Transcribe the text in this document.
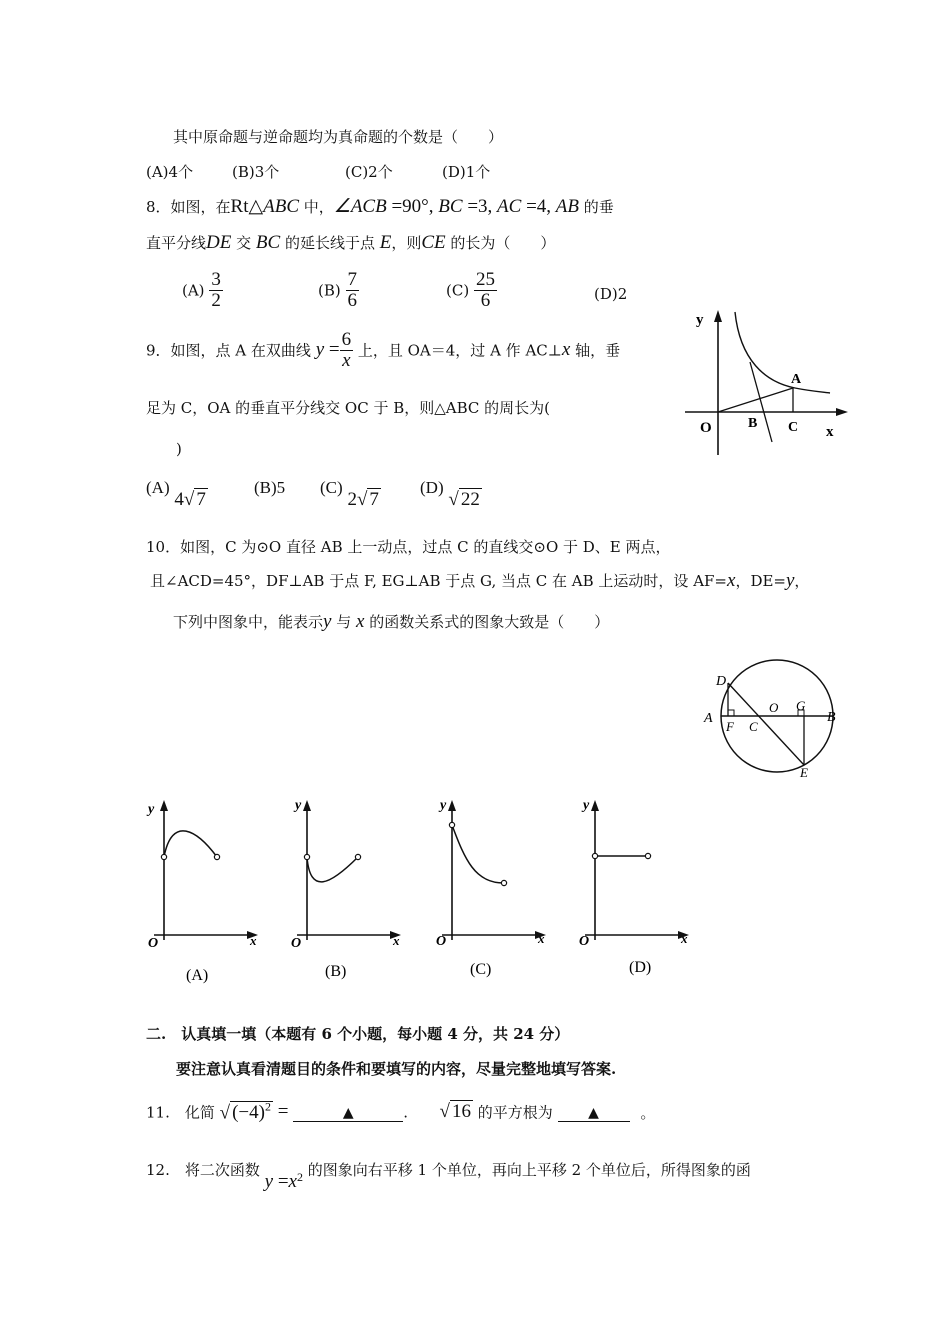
其中原命题与逆命题均为真命题的个数是（　　）
(A)4个	(B)3个	(C)2个	(D)1个
8．如图，在Rt△ABC 中，∠ACB =90°, BC =3, AC =4, AB 的垂
直平分线DE 交 BC 的延长线于点 E，则CE 的长为（　　）
$(A) \frac{3}{2}$	$(B) \frac{7}{6}$	$(C) \frac{25}{6}$	(D)2
9．如图，点 A 在双曲线 $y = \frac{6}{x}$ 上，且 OA＝4，过 A 作 AC⊥x 轴，垂
足为 C，OA 的垂直平分线交 OC 于 B，则△ABC 的周长为(
)
(A) 4√ 7
(B)5 (C) 2√ 7
(D) √ 22
y
x
O
A
B C
10．如图，C 为⊙O 直径 AB 上一动点，过点 C 的直线交⊙O 于 D、E 两点，
且∠ACD=45°，DF⊥AB 于点 F, EG⊥AB 于点 G, 当点 C 在 AB 上运动时，设 AF=x，DE=y，
下列中图象中，能表示y 与 x 的函数关系式的图象大致是（　　）
D
A
F C
O G
B
E
y
x
O
(A)
y
x
O
(B)
y
x
O
(C)
y
x
O
(D)
二.　认真填一填（本题有 6 个小题，每小题 4 分，共 24 分）
要注意认真看清题目的条件和要填写的内容，尽量完整地填写答案.
11.　化简 √ $(-4)^2$ =	▲	. √ 16 的平方根为	▲	。
12.　将二次函数 $y =x^2$ 的图象向右平移 1 个单位，再向上平移 2 个单位后，所得图象的函
